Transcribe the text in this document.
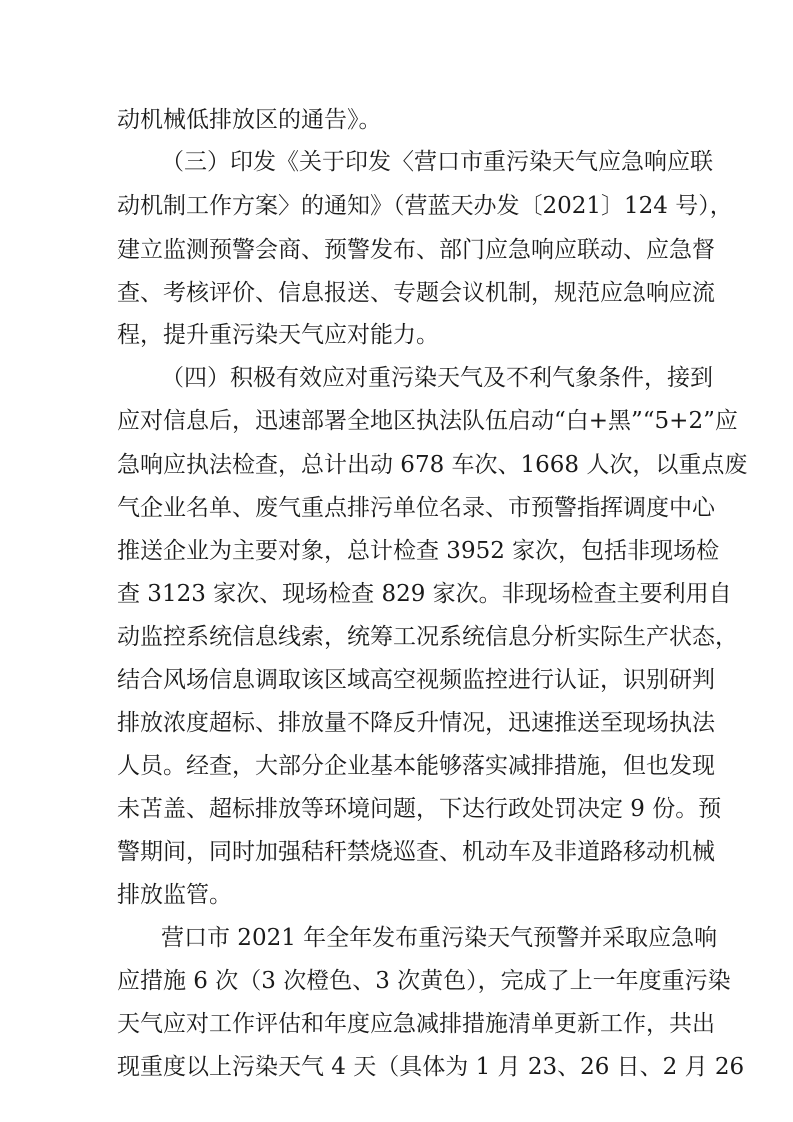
动机械低排放区的通告》。
（三）印发《关于印发〈营口市重污染天气应急响应联
动机制工作方案〉的通知》（营蓝天办发〔2021〕124 号），
建立监测预警会商、预警发布、部门应急响应联动、应急督
查、考核评价、信息报送、专题会议机制，规范应急响应流
程，提升重污染天气应对能力。
（四）积极有效应对重污染天气及不利气象条件，接到
应对信息后，迅速部署全地区执法队伍启动“白+黑”“5+2”应
急响应执法检查，总计出动 678 车次、1668 人次，以重点废
气企业名单、废气重点排污单位名录、市预警指挥调度中心
推送企业为主要对象，总计检查 3952 家次，包括非现场检
查 3123 家次、现场检查 829 家次。非现场检查主要利用自
动监控系统信息线索，统筹工况系统信息分析实际生产状态，
结合风场信息调取该区域高空视频监控进行认证，识别研判
排放浓度超标、排放量不降反升情况，迅速推送至现场执法
人员。经查，大部分企业基本能够落实减排措施，但也发现
未苫盖、超标排放等环境问题，下达行政处罚决定 9 份。预
警期间，同时加强秸秆禁烧巡查、机动车及非道路移动机械
排放监管。
营口市 2021 年全年发布重污染天气预警并采取应急响
应措施 6 次（3 次橙色、3 次黄色），完成了上一年度重污染
天气应对工作评估和年度应急减排措施清单更新工作，共出
现重度以上污染天气 4 天（具体为 1 月 23、26 日、2 月 26
